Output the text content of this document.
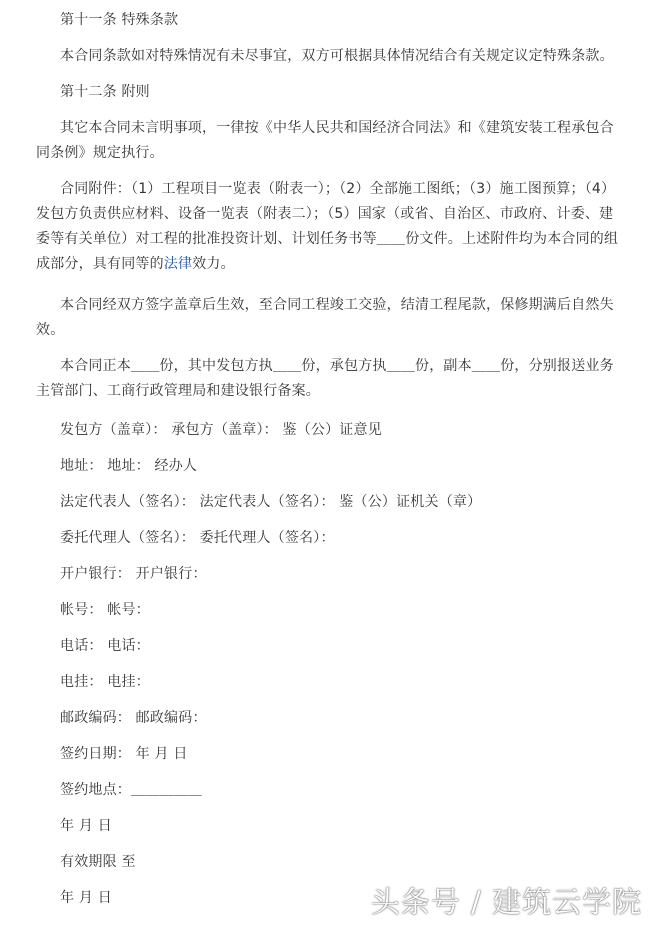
第十一条 特殊条款
本合同条款如对特殊情况有未尽事宜，双方可根据具体情况结合有关规定议定特殊条款。
第十二条 附则
其它本合同未言明事项，一律按《中华人民共和国经济合同法》和《建筑安装工程承包合同条例》规定执行。
合同附件：（1）工程项目一览表（附表一）；（2）全部施工图纸；（3）施工图预算；（4）发包方负责供应材料、设备一览表（附表二）；（5）国家（或省、自治区、市政府、计委、建委等有关单位）对工程的批准投资计划、计划任务书等＿＿份文件。上述附件均为本合同的组成部分，具有同等的法律效力。
本合同经双方签字盖章后生效，至合同工程竣工交验，结清工程尾款，保修期满后自然失效。
本合同正本＿＿份，其中发包方执＿＿份，承包方执＿＿份，副本＿＿份，分别报送业务主管部门、工商行政管理局和建设银行备案。
发包方（盖章）： 承包方（盖章）： 鉴（公）证意见
地址： 地址： 经办人
法定代表人（签名）： 法定代表人（签名）： 鉴（公）证机关（章）
委托代理人（签名）： 委托代理人（签名）：
开户银行： 开户银行：
帐号： 帐号：
电话： 电话：
电挂： 电挂：
邮政编码： 邮政编码：
签约日期： 年 月 日
签约地点：＿＿＿＿＿
年 月 日
有效期限 至
年 月 日	头条号 / 建筑云学院
